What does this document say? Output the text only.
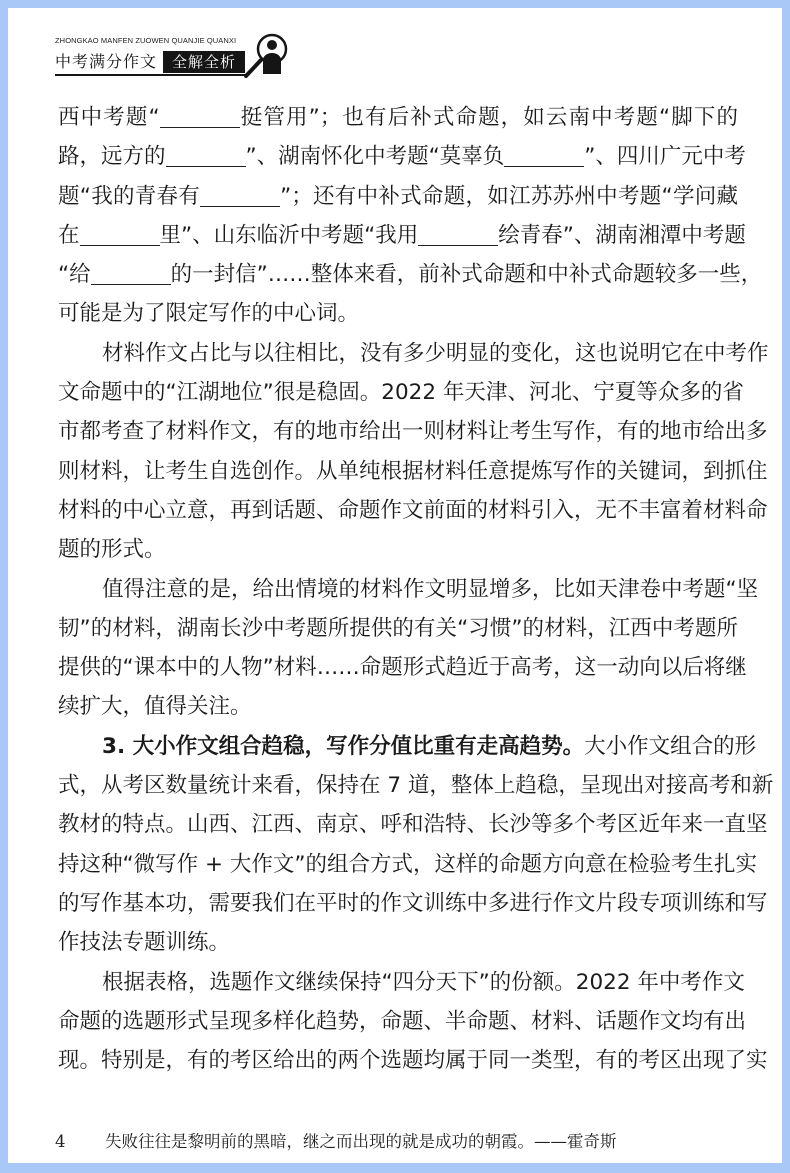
ZHONGKAO MANFEN ZUOWEN QUANJIE QUANXI
中考满分作文 全解全析
西中考题“	挺管用”；也有后补式命题，如云南中考题“脚下的
路，远方的	”、湖南怀化中考题“莫辜负	”、四川广元中考
题“我的青春有	”；还有中补式命题，如江苏苏州中考题“学问藏
在	里”、山东临沂中考题“我用	绘青春”、湖南湘潭中考题
“给	的一封信”……整体来看，前补式命题和中补式命题较多一些，
可能是为了限定写作的中心词。
材料作文占比与以往相比，没有多少明显的变化，这也说明它在中考作
文命题中的“江湖地位”很是稳固。2022 年天津、河北、宁夏等众多的省
市都考查了材料作文，有的地市给出一则材料让考生写作，有的地市给出多
则材料，让考生自选创作。从单纯根据材料任意提炼写作的关键词，到抓住
材料的中心立意，再到话题、命题作文前面的材料引入，无不丰富着材料命
题的形式。
值得注意的是，给出情境的材料作文明显增多，比如天津卷中考题“坚
韧”的材料，湖南长沙中考题所提供的有关“习惯”的材料，江西中考题所
提供的“课本中的人物”材料……命题形式趋近于高考，这一动向以后将继
续扩大，值得关注。
3. 大小作文组合趋稳，写作分值比重有走高趋势。大小作文组合的形
式，从考区数量统计来看，保持在 7 道，整体上趋稳，呈现出对接高考和新
教材的特点。山西、江西、南京、呼和浩特、长沙等多个考区近年来一直坚
持这种“微写作 + 大作文”的组合方式，这样的命题方向意在检验考生扎实
的写作基本功，需要我们在平时的作文训练中多进行作文片段专项训练和写
作技法专题训练。
根据表格，选题作文继续保持“四分天下”的份额。2022 年中考作文
命题的选题形式呈现多样化趋势，命题、半命题、材料、话题作文均有出
现。特别是，有的考区给出的两个选题均属于同一类型，有的考区出现了实
4 失败往往是黎明前的黑暗，继之而出现的就是成功的朝霞。——霍奇斯
